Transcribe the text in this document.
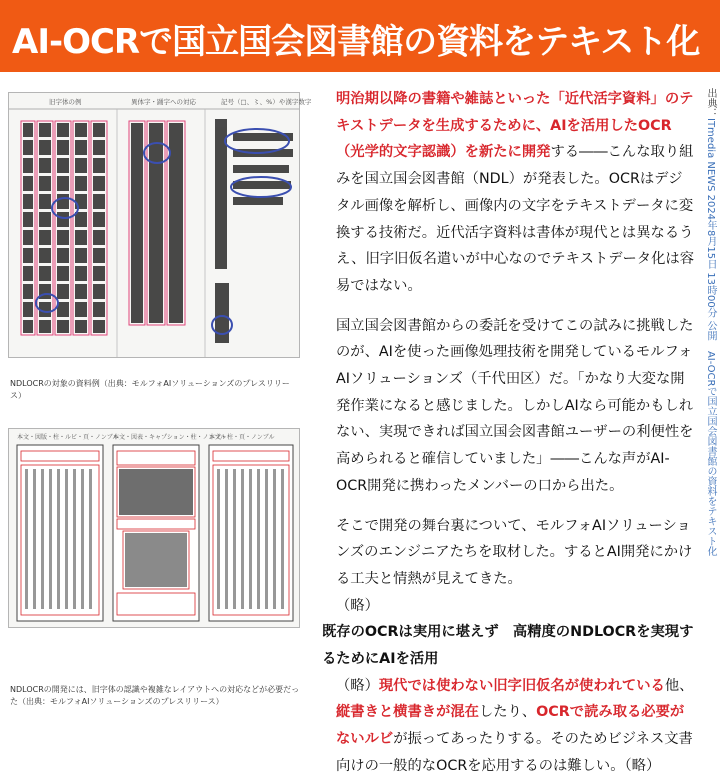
AI-OCRで国立国会図書館の資料をテキスト化
旧字体の例	異体字・踊字への対応	記号（□、〻、%）や漢字数字
NDLOCRの対象の資料例（出典：モルフォAIソリューションズのプレスリリース）
本文・図版・柱・ルビ・頁・ノンブル
本文・図表・キャプション・柱・ノンブル
本文・柱・頁・ノンブル
NDLOCRの開発には、旧字体の認識や複雑なレイアウトへの対応などが必要だった（出典：モルフォAIソリューションズのプレスリリース）

明治期以降の書籍や雑誌といった「近代活字資料」のテキストデータを生成するために、AIを活用したOCR（光学的文字認識）を新たに開発する――こんな取り組みを国立国会図書館（NDL）が発表した。OCRはデジタル画像を解析し、画像内の文字をテキストデータに変換する技術だ。近代活字資料は書体が現代とは異なるうえ、旧字旧仮名遣いが中心なのでテキストデータ化は容易ではない。

国立国会図書館からの委託を受けてこの試みに挑戦したのが、AIを使った画像処理技術を開発しているモルフォAIソリューションズ（千代田区）だ。「かなり大変な開発作業になると感じました。しかしAIなら可能かもしれない、実現できれば国立国会図書館ユーザーの利便性を高められると確信していました」――こんな声がAI-OCR開発に携わったメンバーの口から出た。

そこで開発の舞台裏について、モルフォAIソリューションズのエンジニアたちを取材した。するとAI開発にかける工夫と情熱が見えてきた。

（略）

既存のOCRは実用に堪えず　高精度のNDLOCRを実現するためにAIを活用

（略）現代では使わない旧字旧仮名が使われている他、縦書きと横書きが混在したり、OCRで読み取る必要がないルビが振ってあったりする。そのためビジネス文書向けの一般的なOCRを応用するのは難しい。（略）

出典：ITmedia NEWS 2024年8月15日 13時00分 公開　AI-OCRで国立国会図書館の資料をテキスト化
